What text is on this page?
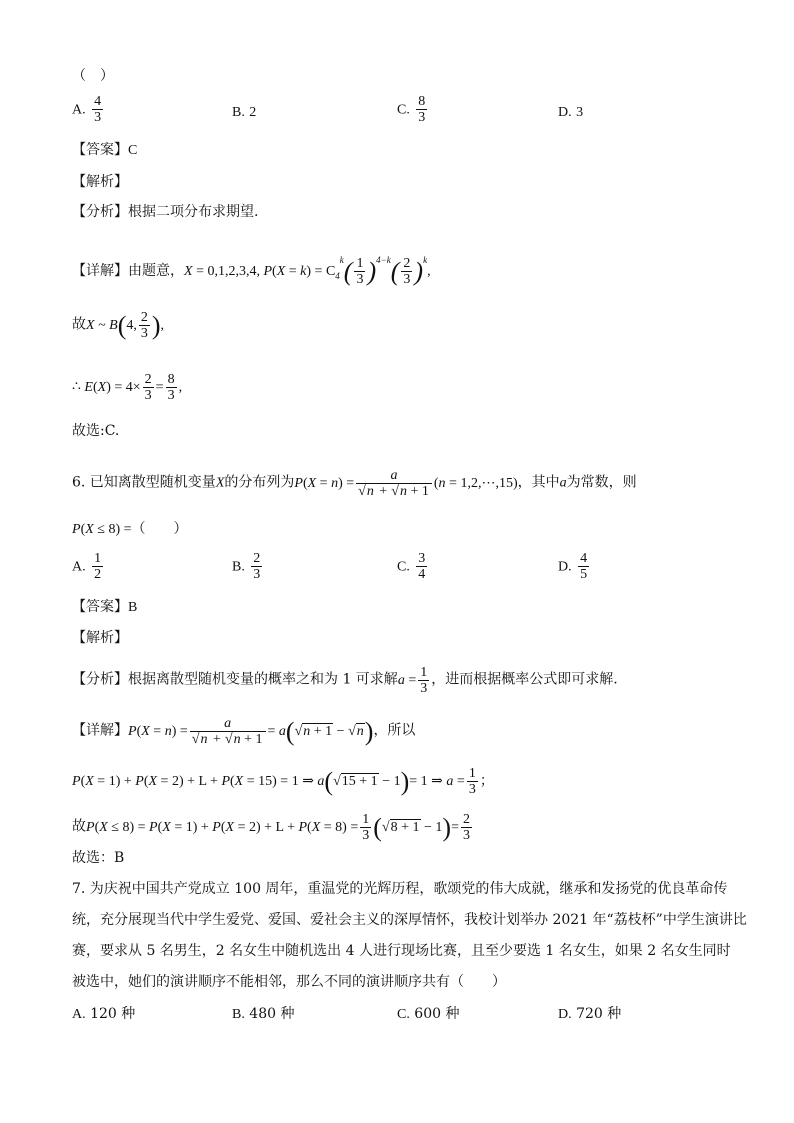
（　）
A. $\frac{4}{3}$	B. 2	C. $\frac{8}{3}$	D. 3
【答案】C
【解析】
【分析】根据二项分布求期望.
【详解】由题意，X = 0,1,2,3,4, $P(X = k) = C_4^k( \frac{1}{3} )^{4-k}( \frac{2}{3} )^k$,
故X ~ B(4, $\frac{2}{3}$ ),
∴ $E(X) = 4\times \frac{2}{3} = \frac{8}{3}$ ,
故选:C.
6. 已知离散型随机变量X的分布列为$P(X = n) = \frac{a}{√n + √n + 1} (n$ = 1,2,⋯,15)，其中a为常数，则
P(X ≤ 8) =（　　）
A. $\frac{1}{2}$	B. $\frac{2}{3}$	C. $\frac{3}{4}$	D. $\frac{4}{5}$
【答案】B
【解析】
【分析】根据离散型随机变量的概率之和为 1 可求解$a = \frac{1}{3}$ ，进而根据概率公式即可求解.
【详解】$P(X = n) = \frac{a}{√n + √n + 1} = a(√n + 1 - √n)$，所以
P(X = 1) + P(X = 2) + L + P(X = 15) = 1 ⇒ a(√15 + 1 − 1)= 1 ⇒ $a = \frac{1}{3}$ ；
故$P(X \le 8) = P(X = 1) + P(X = 2) + L + P(X = 8) = \frac{1}{3} (√8 + 1 - 1)= \frac{2}{3}$
故选：B
7. 为庆祝中国共产党成立 100 周年，重温党的光辉历程，歌颂党的伟大成就，继承和发扬党的优良革命传
统，充分展现当代中学生爱党、爱国、爱社会主义的深厚情怀，我校计划举办 2021 年“荔枝杯”中学生演讲比
赛，要求从 5 名男生，2 名女生中随机选出 4 人进行现场比赛，且至少要选 1 名女生，如果 2 名女生同时
被选中，她们的演讲顺序不能相邻，那么不同的演讲顺序共有（　　）
A. 120 种	B. 480 种	C. 600 种	D. 720 种
